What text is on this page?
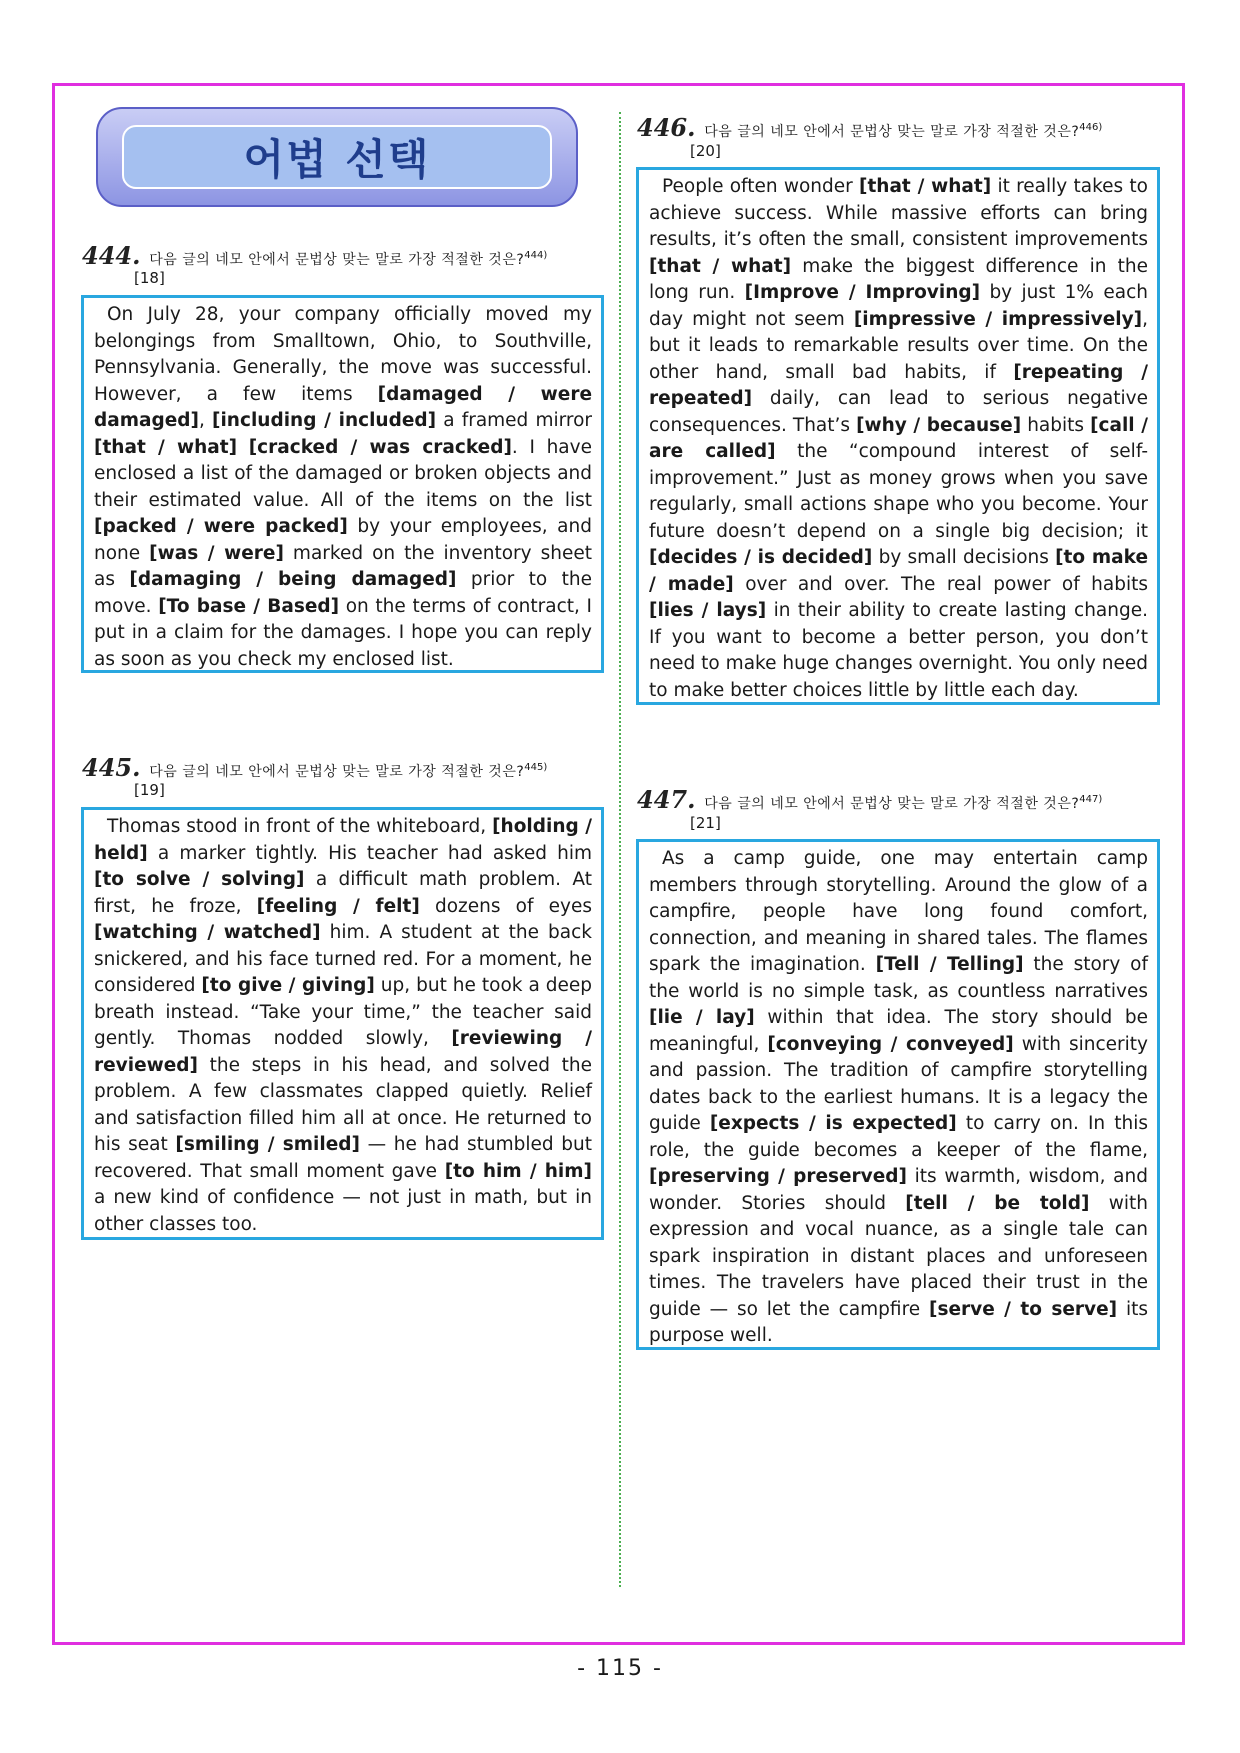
어법 선택
444. 다음 글의 네모 안에서 문법상 맞는 말로 가장 적절한 것은?$^{444)}$
[18]

On July 28, your company officially moved my belongings from Smalltown, Ohio, to Southville, Pennsylvania. Generally, the move was successful. However, a few items [damaged / were damaged], [including / included] a framed mirror [that / what] [cracked / was cracked]. I have enclosed a list of the damaged or broken objects and their estimated value. All of the items on the list [packed / were packed] by your employees, and none [was / were] marked on the inventory sheet as [damaging / being damaged] prior to the move. [To base / Based] on the terms of contract, I put in a claim for the damages. I hope you can reply as soon as you check my enclosed list.

445. 다음 글의 네모 안에서 문법상 맞는 말로 가장 적절한 것은?$^{445)}$
[19]

Thomas stood in front of the whiteboard, [holding / held] a marker tightly. His teacher had asked him [to solve / solving] a difficult math problem. At first, he froze, [feeling / felt] dozens of eyes [watching / watched] him. A student at the back snickered, and his face turned red. For a moment, he considered [to give / giving] up, but he took a deep breath instead. “Take your time,” the teacher said gently. Thomas nodded slowly, [reviewing / reviewed] the steps in his head, and solved the problem. A few classmates clapped quietly. Relief and satisfaction filled him all at once. He returned to his seat [smiling / smiled] — he had stumbled but recovered. That small moment gave [to him / him] a new kind of confidence — not just in math, but in other classes too.

446. 다음 글의 네모 안에서 문법상 맞는 말로 가장 적절한 것은?$^{446)}$
[20]

People often wonder [that / what] it really takes to achieve success. While massive efforts can bring results, it’s often the small, consistent improvements [that / what] make the biggest difference in the long run. [Improve / Improving] by just 1% each day might not seem [impressive / impressively], but it leads to remarkable results over time. On the other hand, small bad habits, if [repeating / repeated] daily, can lead to serious negative consequences. That’s [why / because] habits [call / are called] the “compound interest of self-improvement.” Just as money grows when you save regularly, small actions shape who you become. Your future doesn’t depend on a single big decision; it [decides / is decided] by small decisions [to make / made] over and over. The real power of habits [lies / lays] in their ability to create lasting change. If you want to become a better person, you don’t need to make huge changes overnight. You only need to make better choices little by little each day.

447. 다음 글의 네모 안에서 문법상 맞는 말로 가장 적절한 것은?$^{447)}$
[21]

As a camp guide, one may entertain camp members through storytelling. Around the glow of a campfire, people have long found comfort, connection, and meaning in shared tales. The flames spark the imagination. [Tell / Telling] the story of the world is no simple task, as countless narratives [lie / lay] within that idea. The story should be meaningful, [conveying / conveyed] with sincerity and passion. The tradition of campfire storytelling dates back to the earliest humans. It is a legacy the guide [expects / is expected] to carry on. In this role, the guide becomes a keeper of the flame, [preserving / preserved] its warmth, wisdom, and wonder. Stories should [tell / be told] with expression and vocal nuance, as a single tale can spark inspiration in distant places and unforeseen times. The travelers have placed their trust in the guide — so let the campfire [serve / to serve] its purpose well.

- 115 -
